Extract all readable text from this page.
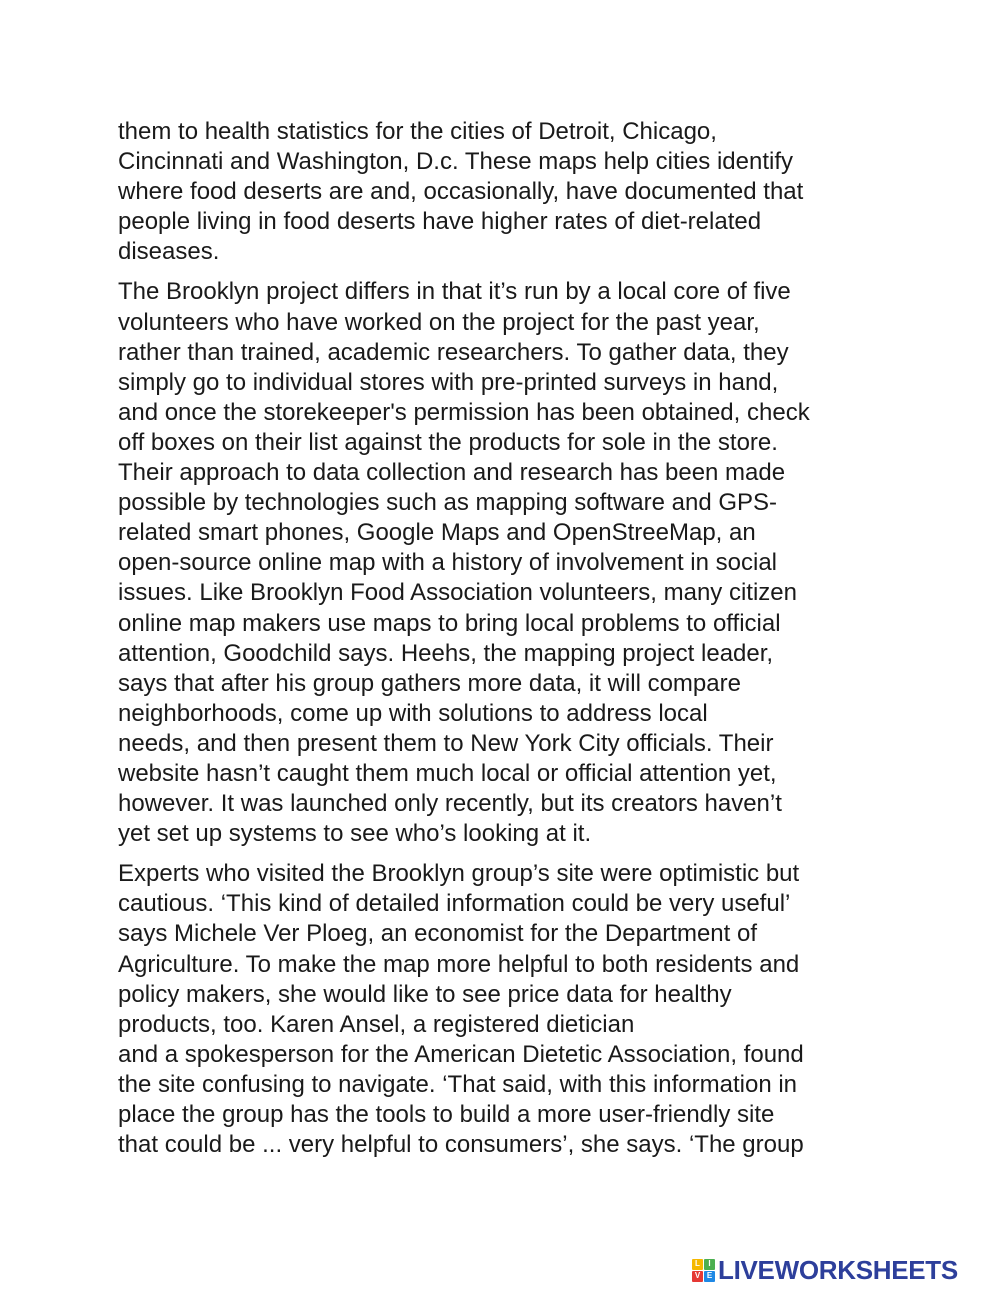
them to health statistics for the cities of Detroit, Chicago,
Cincinnati and Washington, D.c. These maps help cities identify
where food deserts are and, occasionally, have documented that
people living in food deserts have higher rates of diet-related
diseases.

The Brooklyn project differs in that it’s run by a local core of five
volunteers who have worked on the project for the past year,
rather than trained, academic researchers. To gather data, they
simply go to individual stores with pre-printed surveys in hand,
and once the storekeeper's permission has been obtained, check
off boxes on their list against the products for sole in the store.
Their approach to data collection and research has been made
possible by technologies such as mapping software and GPS-
related smart phones, Google Maps and OpenStreeMap, an
open-source online map with a history of involvement in social
issues. Like Brooklyn Food Association volunteers, many citizen
online map makers use maps to bring local problems to official
attention, Goodchild says. Heehs, the mapping project leader,
says that after his group gathers more data, it will compare
neighborhoods, come up with solutions to address local
needs, and then present them to New York City officials. Their
website hasn’t caught them much local or official attention yet,
however. It was launched only recently, but its creators haven’t
yet set up systems to see who’s looking at it.

Experts who visited the Brooklyn group’s site were optimistic but
cautious. ‘This kind of detailed information could be very useful’
says Michele Ver Ploeg, an economist for the Department of
Agriculture. To make the map more helpful to both residents and
policy makers, she would like to see price data for healthy
products, too. Karen Ansel, a registered dietician
and a spokesperson for the American Dietetic Association, found
the site confusing to navigate. ‘That said, with this information in
place the group has the tools to build a more user-friendly site
that could be ... very helpful to consumers’, she says. ‘The group

L	I
V E LIVEWORKSHEETS
